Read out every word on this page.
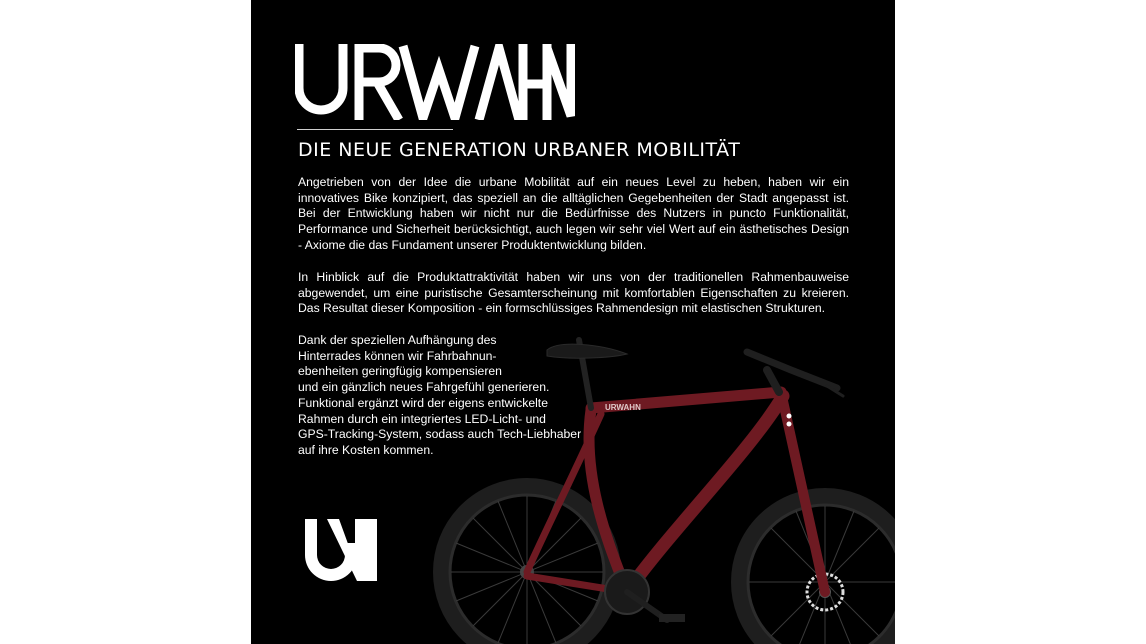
DIE NEUE GENERATION URBANER MOBILITÄT

Angetrieben von der Idee die urbane Mobilität auf ein neues Level zu heben, haben wir ein innovatives Bike konzipiert, das speziell an die alltäglichen Gegebenheiten der Stadt angepasst ist. Bei der Entwicklung haben wir nicht nur die Bedürfnisse des Nutzers in puncto Funktionalität, Performance und Sicherheit berücksichtigt, auch legen wir sehr viel Wert auf ein ästhetisches Design - Axiome die das Fundament unserer Produktentwicklung bilden.

In Hinblick auf die Produktattraktivität haben wir uns von der traditionellen Rahmenbauweise abgewendet, um eine puristische Gesamterscheinung mit komfortablen Eigenschaften zu kreieren. Das Resultat dieser Komposition - ein formschlüssiges Rahmendesign mit elastischen Strukturen.

Dank der speziellen Aufhängung des
Hinterrades können wir Fahrbahnun-
ebenheiten geringfügig kompensieren
und ein gänzlich neues Fahrgefühl generieren.
Funktional ergänzt wird der eigens entwickelte
Rahmen durch ein integriertes LED-Licht- und
GPS-Tracking-System, sodass auch Tech-Liebhaber
auf ihre Kosten kommen.
URWAHN
